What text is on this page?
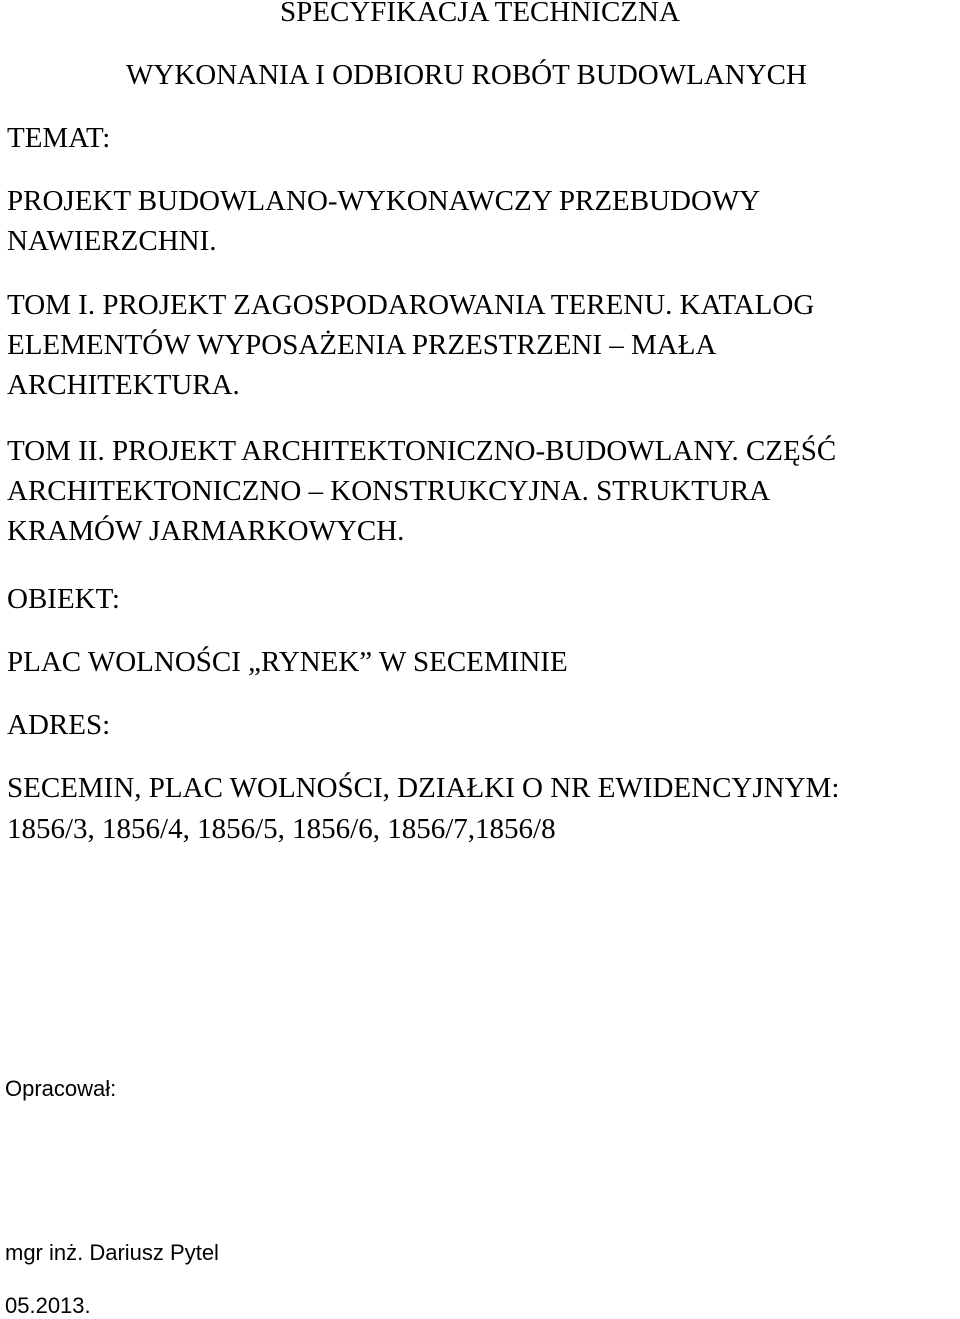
SPECYFIKACJA TECHNICZNA
WYKONANIA I ODBIORU ROBÓT BUDOWLANYCH
TEMAT:
PROJEKT BUDOWLANO-WYKONAWCZY PRZEBUDOWY
NAWIERZCHNI.
TOM I. PROJEKT ZAGOSPODAROWANIA TERENU. KATALOG
ELEMENTÓW WYPOSAŻENIA PRZESTRZENI – MAŁA
ARCHITEKTURA.
TOM II. PROJEKT ARCHITEKTONICZNO-BUDOWLANY. CZĘŚĆ
ARCHITEKTONICZNO – KONSTRUKCYJNA. STRUKTURA
KRAMÓW JARMARKOWYCH.
OBIEKT:
PLAC WOLNOŚCI „RYNEK” W SECEMINIE
ADRES:
SECEMIN, PLAC WOLNOŚCI, DZIAŁKI O NR EWIDENCYJNYM:
1856/3, 1856/4, 1856/5, 1856/6, 1856/7,1856/8
Opracował:
mgr inż. Dariusz Pytel
05.2013.
